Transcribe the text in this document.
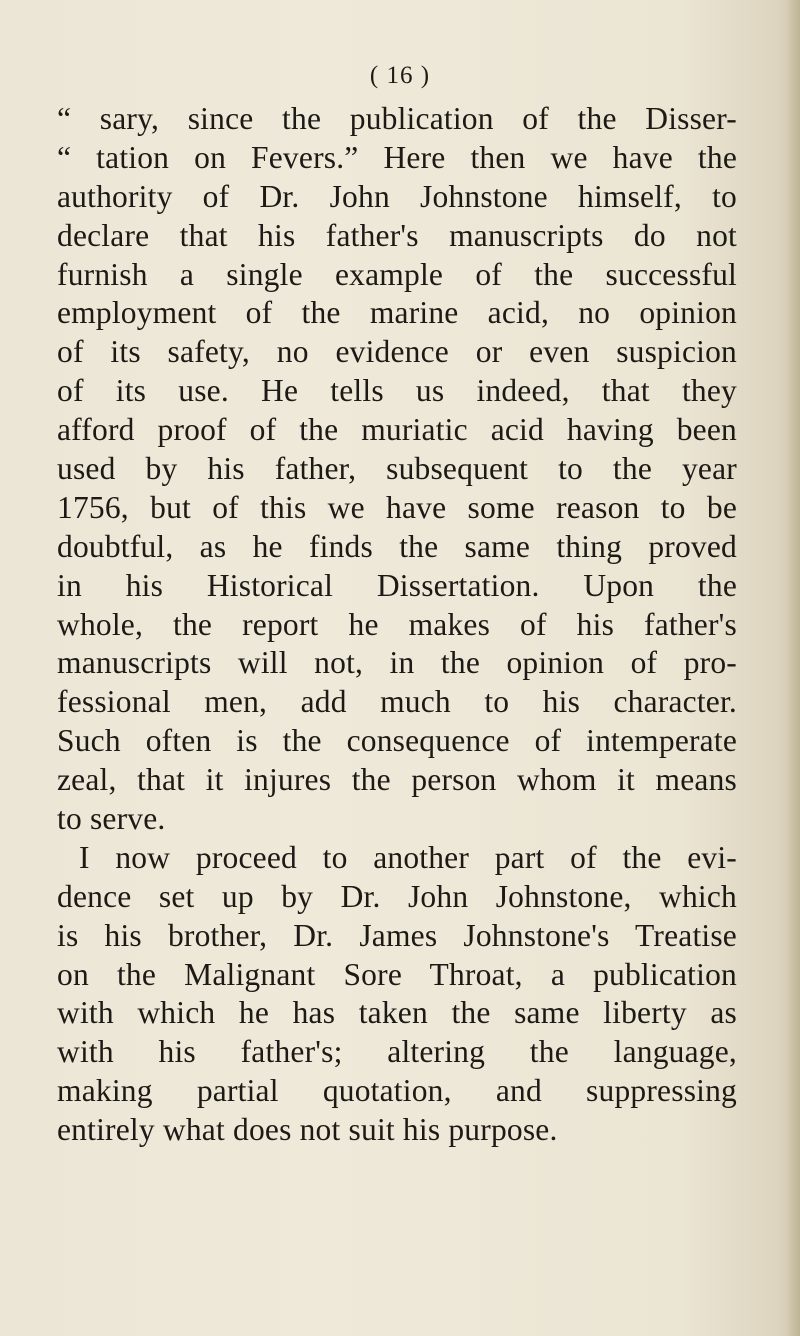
( 16 )
“ sary, since the publication of the Disser-
“ tation on Fevers.” Here then we have the
authority of Dr. John Johnstone himself, to
declare that his father's manuscripts do not
furnish a single example of the successful
employment of the marine acid, no opinion
of its safety, no evidence or even suspicion
of its use. He tells us indeed, that they
afford proof of the muriatic acid having been
used by his father, subsequent to the year
1756, but of this we have some reason to be
doubtful, as he finds the same thing proved
in his Historical Dissertation. Upon the
whole, the report he makes of his father's
manuscripts will not, in the opinion of pro-
fessional men, add much to his character.
Such often is the consequence of intemperate
zeal, that it injures the person whom it means
to serve.
I now proceed to another part of the evi-
dence set up by Dr. John Johnstone, which
is his brother, Dr. James Johnstone's Treatise
on the Malignant Sore Throat, a publication
with which he has taken the same liberty as
with his father's; altering the language,
making partial quotation, and suppressing
entirely what does not suit his purpose.
